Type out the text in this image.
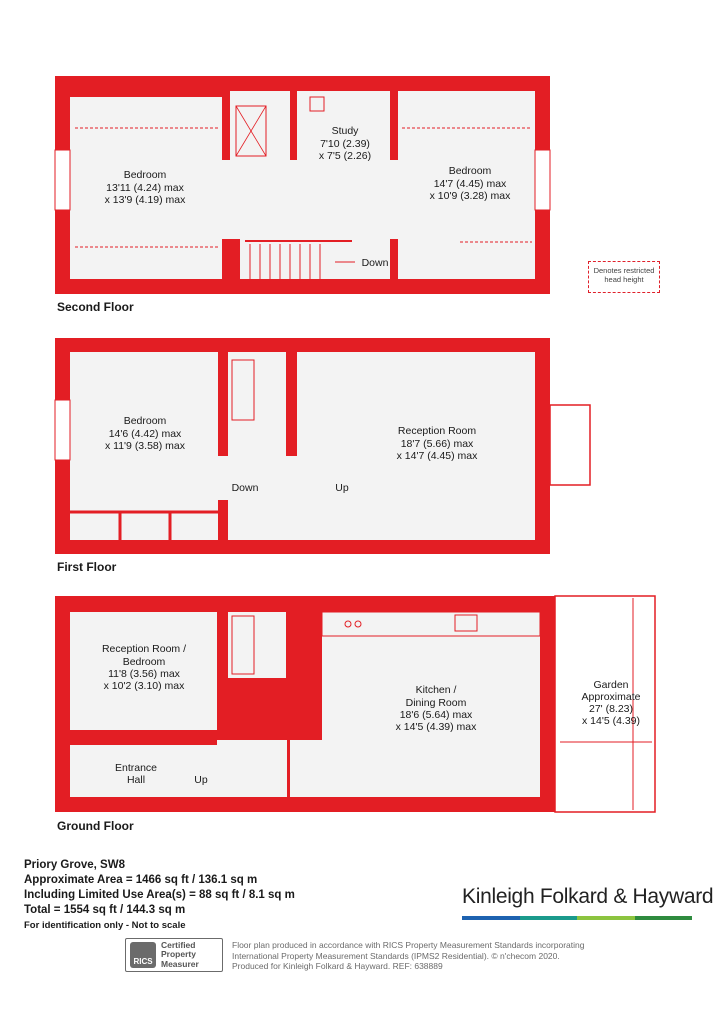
Bedroom
13'11 (4.24) max
x 13'9 (4.19) max
Study
7'10 (2.39)
x 7'5 (2.26)
Bedroom
14'7 (4.45) max
x 10'9 (3.28) max
Down
Bedroom
14'6 (4.42) max
x 11'9 (3.58) max
Reception Room
18'7 (5.66) max
x 14'7 (4.45) max
Down	Up
Reception Room /
Bedroom
11'8 (3.56) max
x 10'2 (3.10) max	Kitchen /
Dining Room
18'6 (5.64) max
x 14'5 (4.39) max
Garden
Approximate
27' (8.23)
x 14'5 (4.39)
Entrance
Hall	Up
Denotes restricted
head height
Second Floor
First Floor
Ground Floor
Priory Grove, SW8
Approximate Area = 1466 sq ft / 136.1 sq m
Including Limited Use Area(s) = 88 sq ft / 8.1 sq m
Total = 1554 sq ft / 144.3 sq m
For identification only - Not to scale
Kinleigh Folkard & Hayward
RICS
Certified
Property
Measurer
Floor plan produced in accordance with RICS Property Measurement Standards incorporating
International Property Measurement Standards (IPMS2 Residential). © n'checom 2020.
Produced for Kinleigh Folkard & Hayward. REF: 638889
